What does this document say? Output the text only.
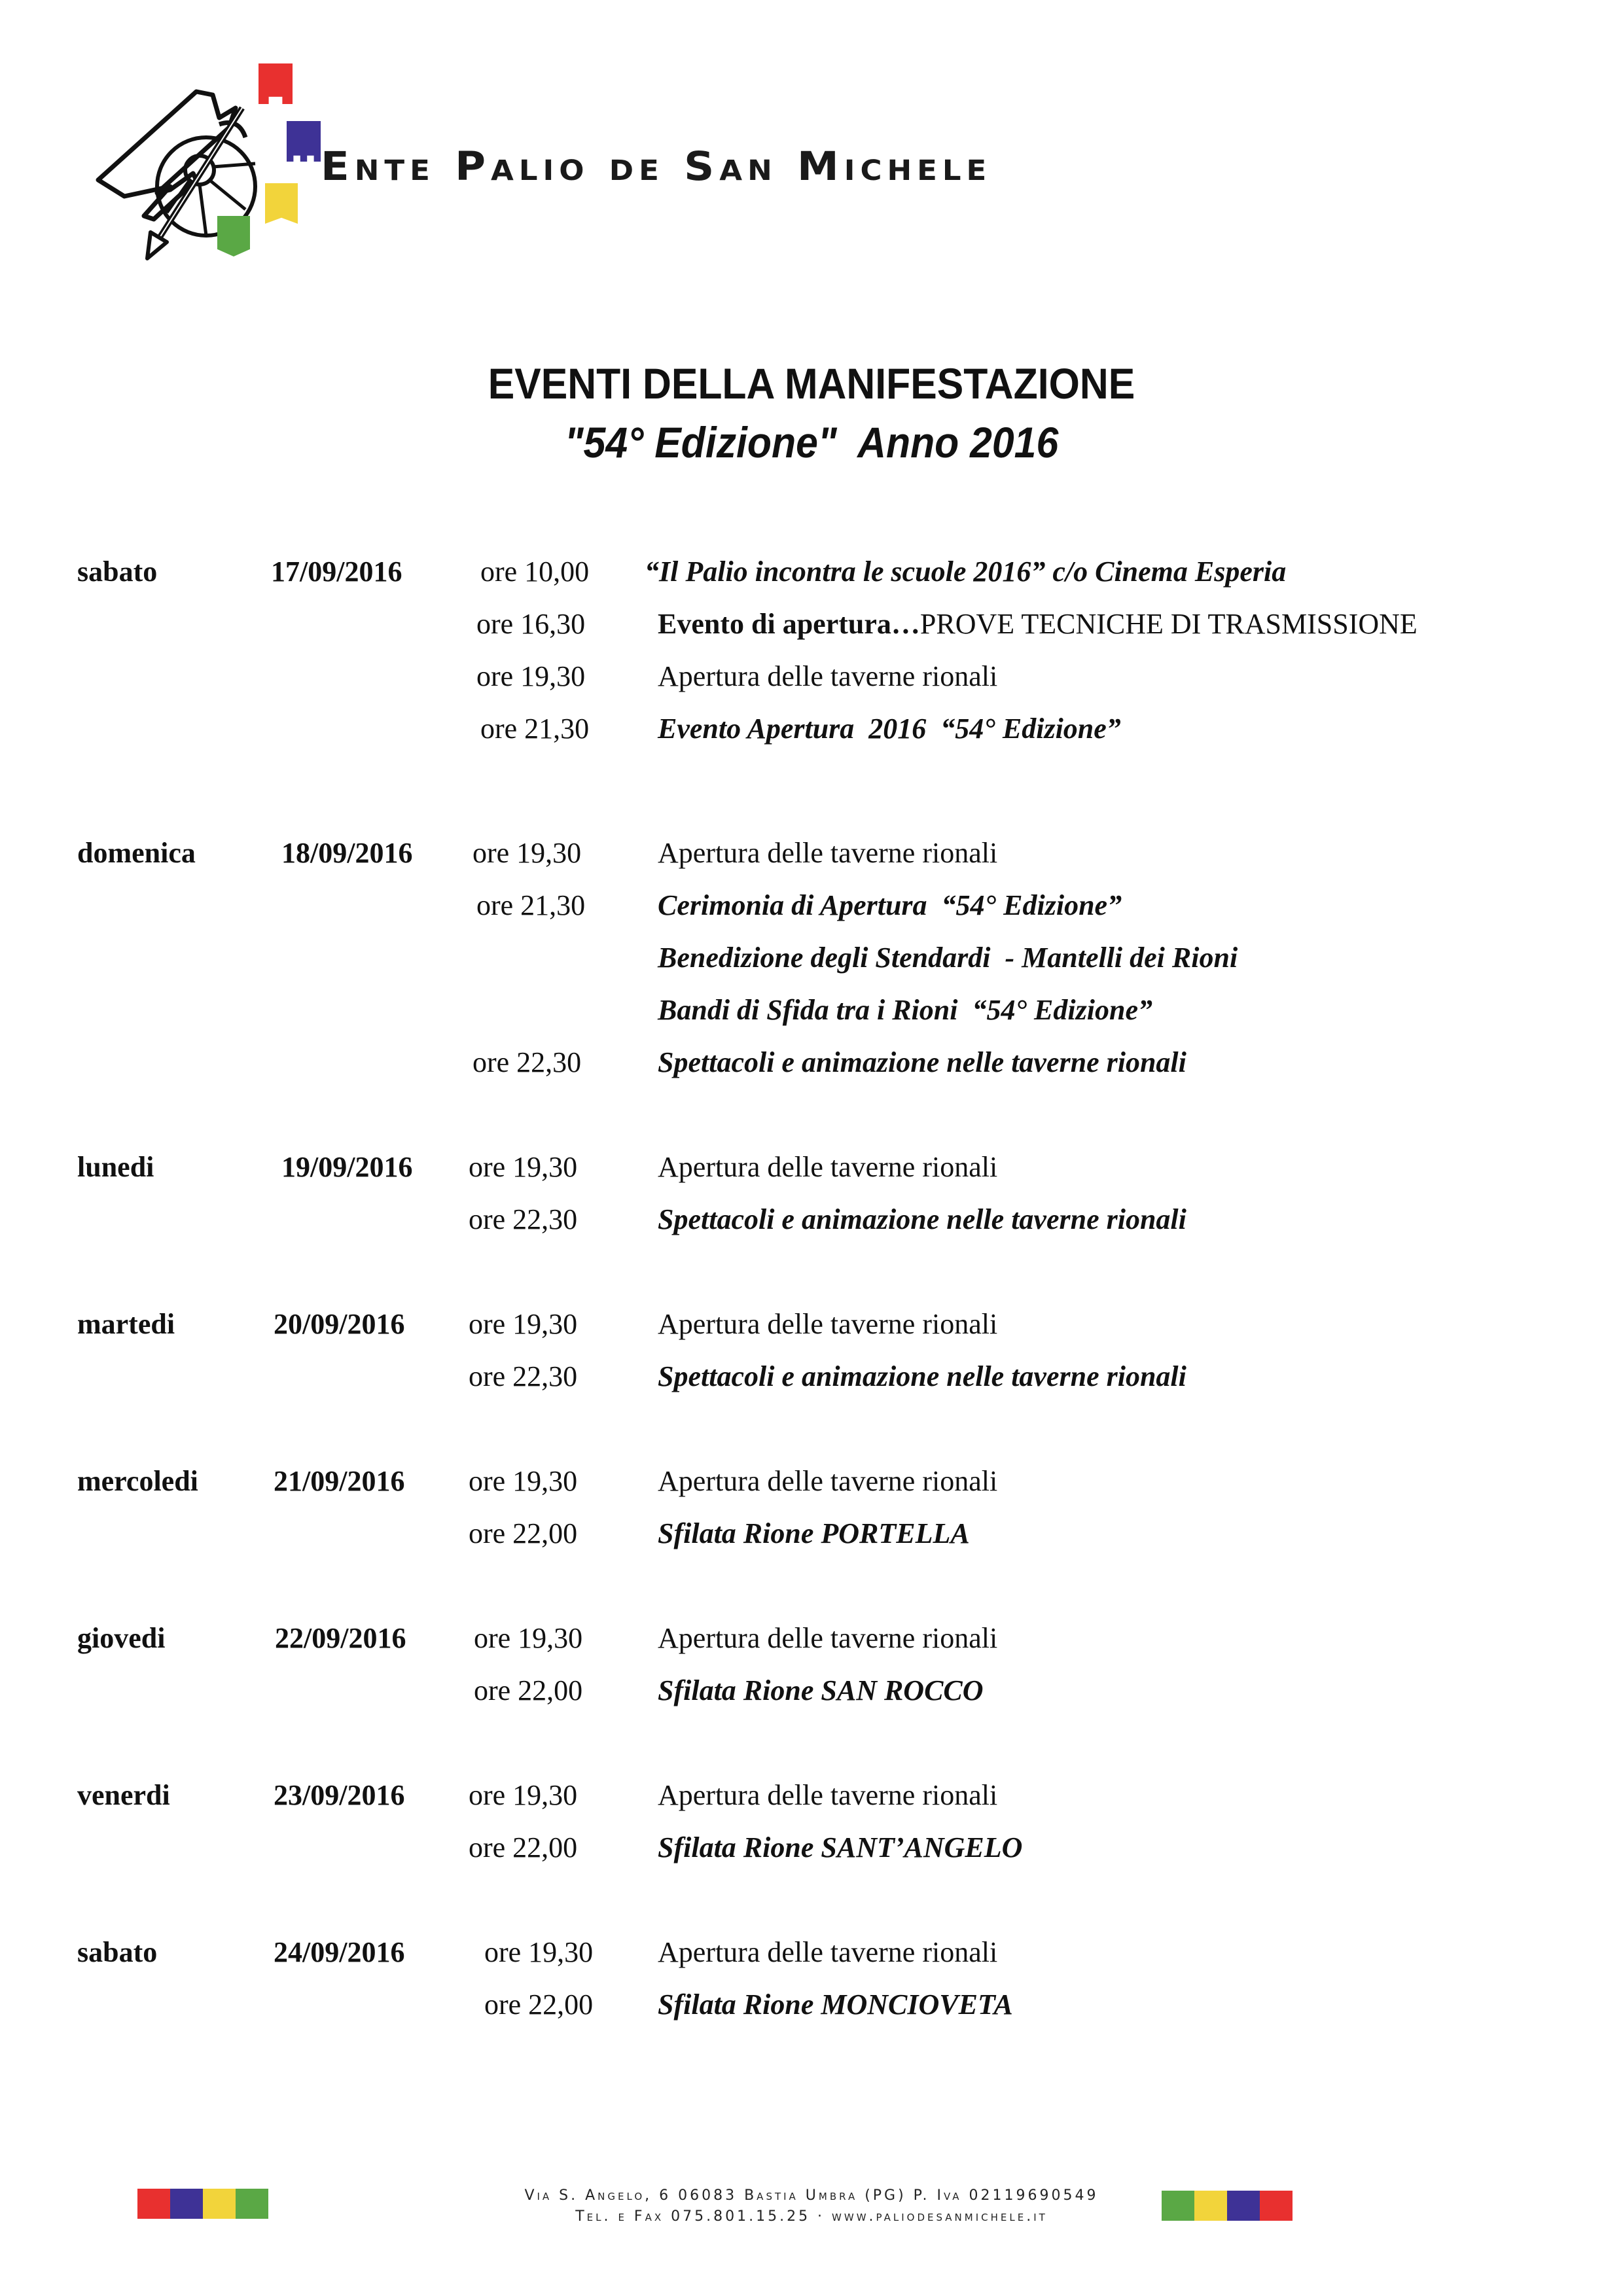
Ente Palio de San Michele
EVENTI DELLA MANIFESTAZIONE
"54° Edizione"  Anno 2016
sabato	17/09/2016	ore 10,00 “Il Palio incontra le scuole 2016” c/o Cinema Esperia
ore 16,30	Evento di apertura…PROVE TECNICHE DI TRASMISSIONE
ore 19,30	Apertura delle taverne rionali
ore 21,30 Evento Apertura  2016  “54° Edizione”
domenica	18/09/2016 ore 19,30	Apertura delle taverne rionali
ore 21,30	Cerimonia di Apertura  “54° Edizione”
Benedizione degli Stendardi  - Mantelli dei Rioni
Bandi di Sfida tra i Rioni  “54° Edizione”
ore 22,30	Spettacoli e animazione nelle taverne rionali
lunedi	19/09/2016 ore 19,30	Apertura delle taverne rionali
ore 22,30	Spettacoli e animazione nelle taverne rionali
martedi	20/09/2016 ore 19,30	Apertura delle taverne rionali
ore 22,30	Spettacoli e animazione nelle taverne rionali
mercoledi	21/09/2016 ore 19,30	Apertura delle taverne rionali
ore 22,00	Sfilata Rione PORTELLA
giovedi	22/09/2016 ore 19,30	Apertura delle taverne rionali
ore 22,00	Sfilata Rione SAN ROCCO
venerdi	23/09/2016 ore 19,30	Apertura delle taverne rionali
ore 22,00	Sfilata Rione SANT’ANGELO
sabato	24/09/2016	ore 19,30 Apertura delle taverne rionali
ore 22,00 Sfilata Rione MONCIOVETA
Via S. Angelo, 6 06083 Bastia Umbra (PG) P. Iva 02119690549
Tel. e Fax 075.801.15.25 · www.paliodesanmichele.it
